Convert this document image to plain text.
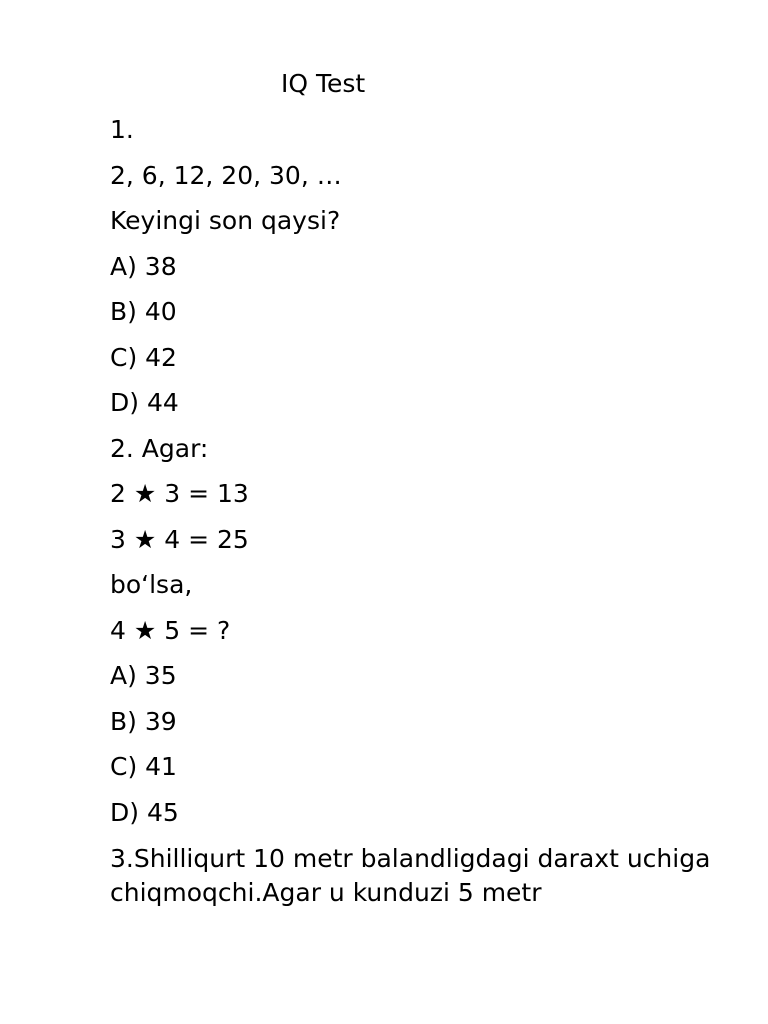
IQ Test
1.
2, 6, 12, 20, 30, …
Keyingi son qaysi?
A) 38
B) 40
C) 42
D) 44
2. Agar:
2 ★ 3 = 13
3 ★ 4 = 25
bo‘lsa,
4 ★ 5 = ?
A) 35
B) 39
C) 41
D) 45
3.Shilliqurt 10 metr balandligdagi daraxt uchiga chiqmoqchi.Agar u kunduzi 5 metr
